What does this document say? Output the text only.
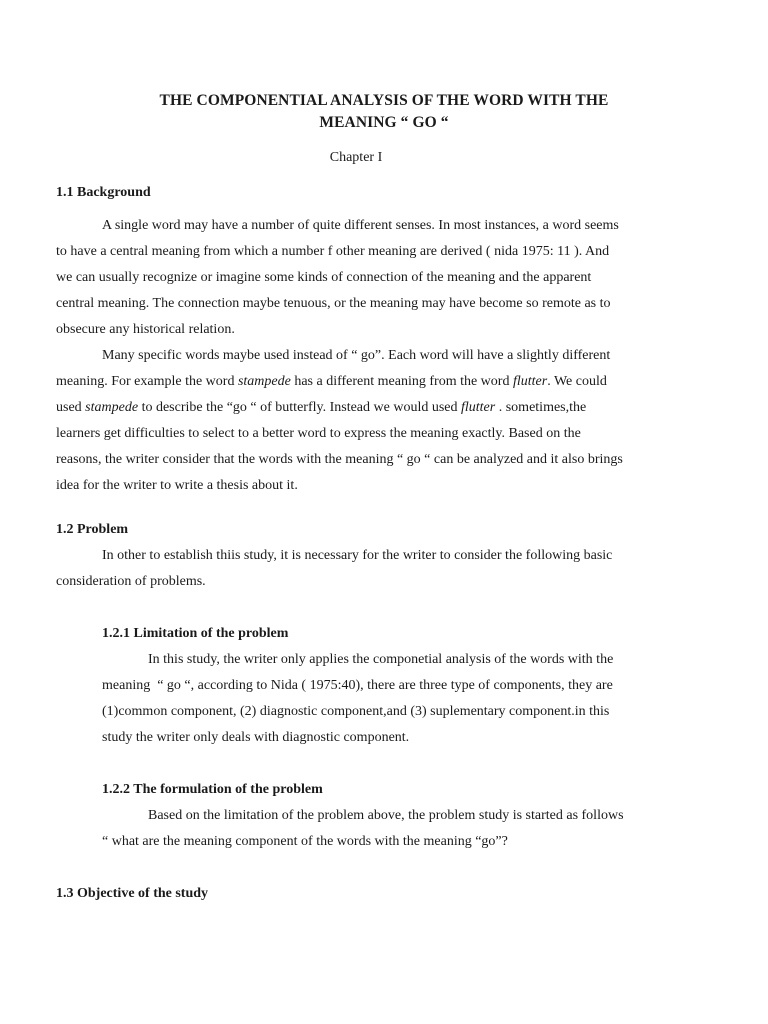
THE COMPONENTIAL ANALYSIS OF THE WORD WITH THE
MEANING “ GO “
Chapter I
1.1 Background
A single word may have a number of quite different senses. In most instances, a word seems
to have a central meaning from which a number f other meaning are derived ( nida 1975: 11 ). And
we can usually recognize or imagine some kinds of connection of the meaning and the apparent
central meaning. The connection maybe tenuous, or the meaning may have become so remote as to
obsecure any historical relation.
Many specific words maybe used instead of “ go”. Each word will have a slightly different
meaning. For example the word stampede has a different meaning from the word flutter. We could
used stampede to describe the “go “ of butterfly. Instead we would used flutter . sometimes,the
learners get difficulties to select to a better word to express the meaning exactly. Based on the
reasons, the writer consider that the words with the meaning “ go “ can be analyzed and it also brings
idea for the writer to write a thesis about it.
1.2 Problem
In other to establish thiis study, it is necessary for the writer to consider the following basic
consideration of problems.
1.2.1 Limitation of the problem
In this study, the writer only applies the componetial analysis of the words with the
meaning  “ go “, according to Nida ( 1975:40), there are three type of components, they are
(1)common component, (2) diagnostic component,and (3) suplementary component.in this
study the writer only deals with diagnostic component.
1.2.2 The formulation of the problem
Based on the limitation of the problem above, the problem study is started as follows
“ what are the meaning component of the words with the meaning “go”?
1.3 Objective of the study
